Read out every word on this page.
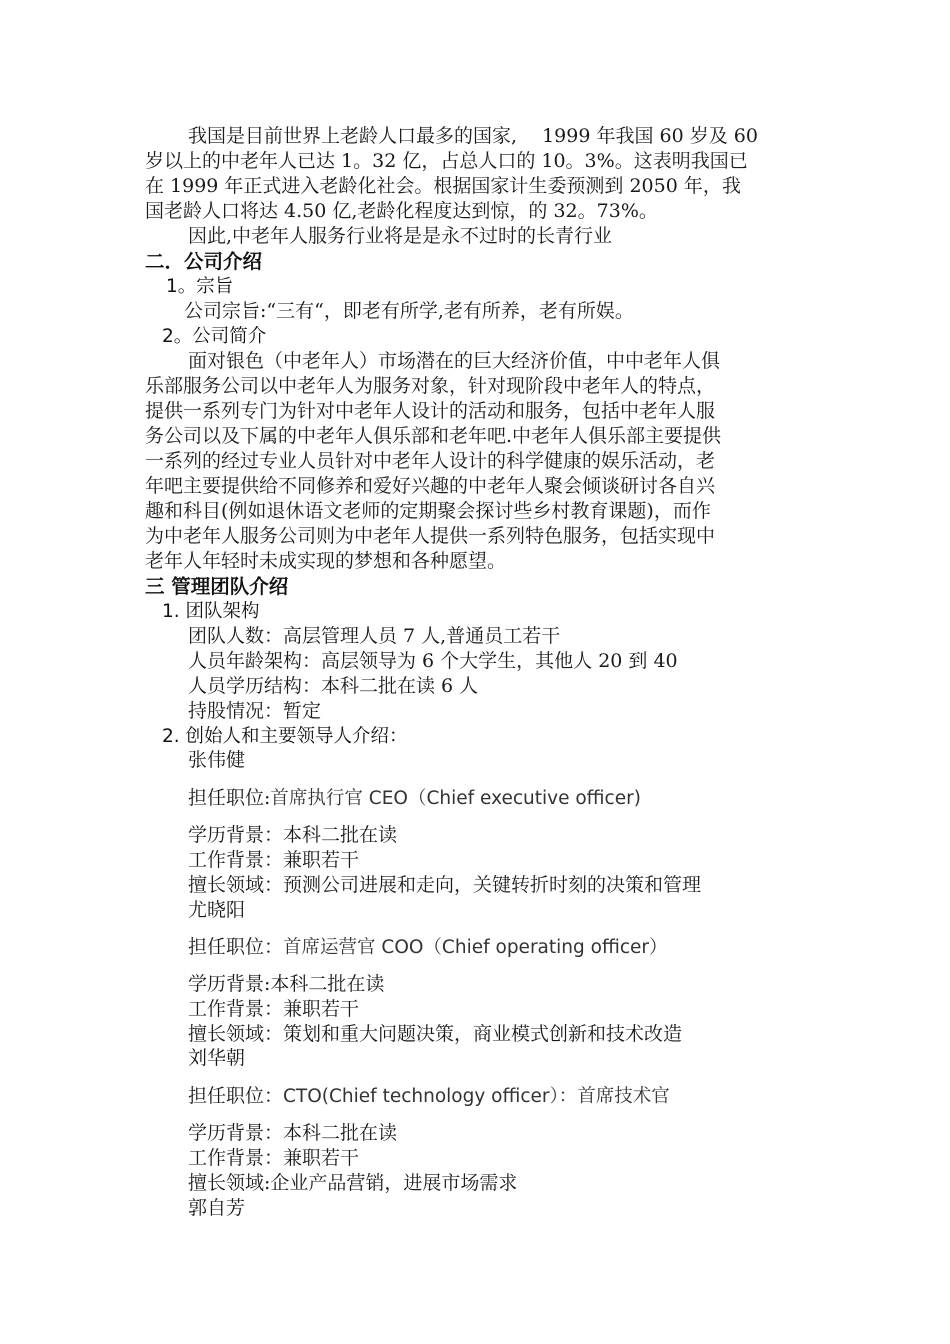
我国是目前世界上老龄人口最多的国家,　 1999 年我国 60 岁及 60
岁以上的中老年人已达 1。32 亿，占总人口的 10。3%。这表明我国已
在 1999 年正式进入老龄化社会。根据国家计生委预测到 2050 年，我
国老龄人口将达 4.50 亿,老龄化程度达到惊，的 32。73%。
因此,中老年人服务行业将是是永不过时的长青行业
二．公司介绍
1。宗旨
公司宗旨:“三有“，即老有所学,老有所养，老有所娱。
2。公司简介
面对银色（中老年人）市场潜在的巨大经济价值，中中老年人俱
乐部服务公司以中老年人为服务对象，针对现阶段中老年人的特点，
提供一系列专门为针对中老年人设计的活动和服务，包括中老年人服
务公司以及下属的中老年人俱乐部和老年吧.中老年人俱乐部主要提供
一系列的经过专业人员针对中老年人设计的科学健康的娱乐活动，老
年吧主要提供给不同修养和爱好兴趣的中老年人聚会倾谈研讨各自兴
趣和科目(例如退休语文老师的定期聚会探讨些乡村教育课题)，而作
为中老年人服务公司则为中老年人提供一系列特色服务，包括实现中
老年人年轻时未成实现的梦想和各种愿望。
三 管理团队介绍
1. 团队架构
团队人数：高层管理人员 7 人,普通员工若干
人员年龄架构：高层领导为 6 个大学生，其他人 20 到 40
人员学历结构：本科二批在读 6 人
持股情况：暂定
2. 创始人和主要领导人介绍：
张伟健
担任职位:首席执行官 CEO（Chief executive officer)
学历背景：本科二批在读
工作背景：兼职若干
擅长领域：预测公司进展和走向，关键转折时刻的决策和管理
尤晓阳
担任职位：首席运营官 COO（Chief operating officer）
学历背景:本科二批在读
工作背景：兼职若干
擅长领域：策划和重大问题决策，商业模式创新和技术改造
刘华朝
担任职位：CTO(Chief technology officer）：首席技术官
学历背景：本科二批在读
工作背景：兼职若干
擅长领域:企业产品营销，进展市场需求
郭自芳
